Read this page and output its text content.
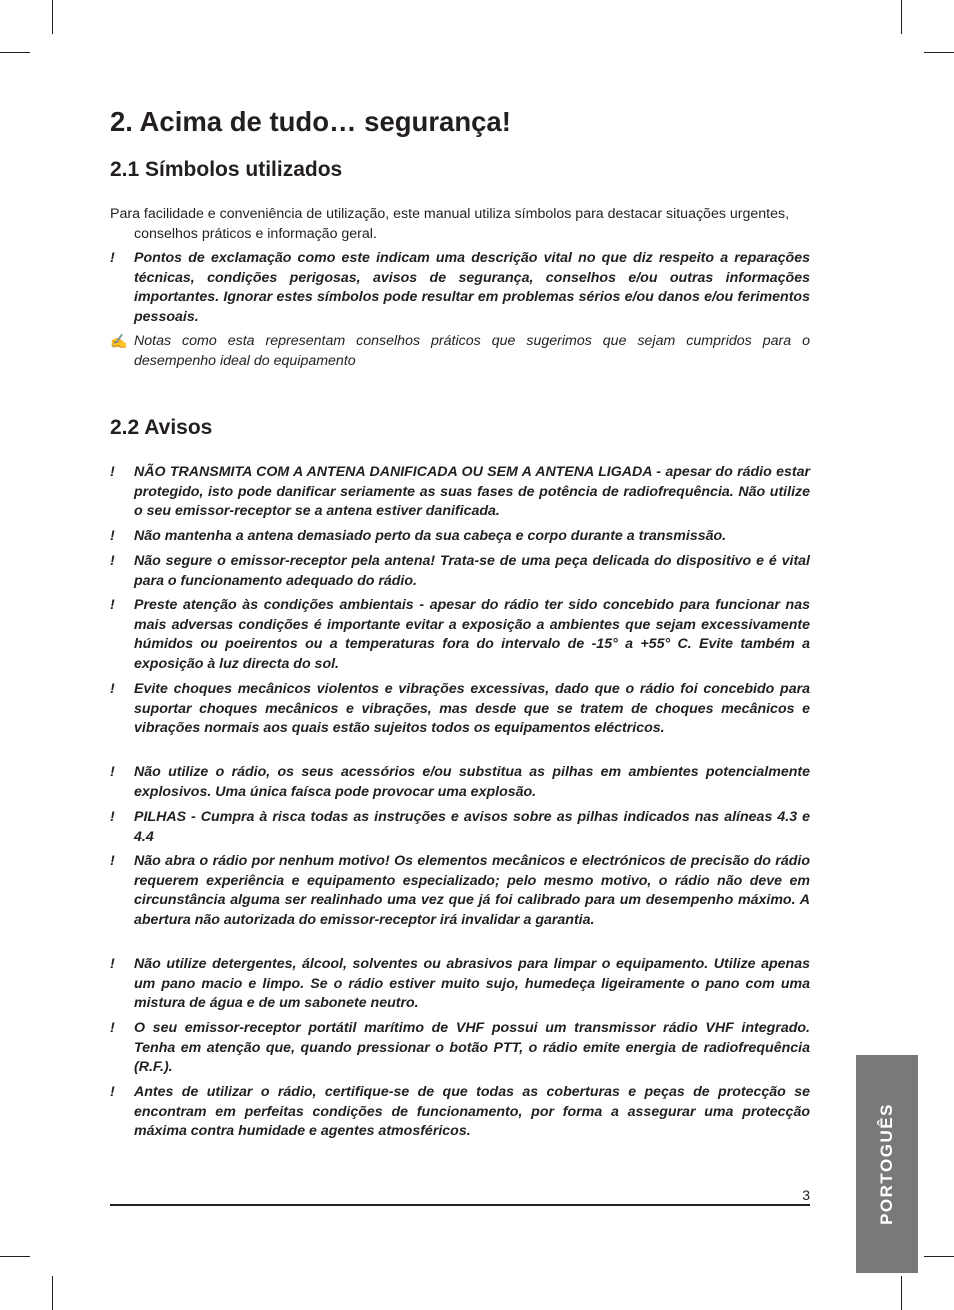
2. Acima de tudo… segurança!
2.1 Símbolos utilizados

Para facilidade e conveniência de utilização, este manual utiliza símbolos para destacar situações urgentes, conselhos práticos e informação geral.

!	Pontos de exclamação como este indicam uma descrição vital no que diz respeito a reparações técnicas, condições perigosas, avisos de segurança, conselhos e/ou outras informações importantes. Ignorar estes símbolos pode resultar em problemas sérios e/ou danos e/ou ferimentos pessoais.
✍ Notas como esta representam conselhos práticos que sugerimos que sejam cumpridos para o desempenho ideal do equipamento
2.2 Avisos
!	NÃO TRANSMITA COM A ANTENA DANIFICADA OU SEM A ANTENA LIGADA - apesar do rádio estar protegido, isto pode danificar seriamente as suas fases de potência de radiofrequência. Não utilize o seu emissor-receptor se a antena estiver danificada.
!	Não mantenha a antena demasiado perto da sua cabeça e corpo durante a transmissão.
!	Não segure o emissor-receptor pela antena! Trata-se de uma peça delicada do dispositivo e é vital para o funcionamento adequado do rádio.
!	Preste atenção às condições ambientais - apesar do rádio ter sido concebido para funcionar nas mais adversas condições é importante evitar a exposição a ambientes que sejam excessivamente húmidos ou poeirentos ou a temperaturas fora do intervalo de -15° a +55° C. Evite também a exposição à luz directa do sol.
!	Evite choques mecânicos violentos e vibrações excessivas, dado que o rádio foi concebido para suportar choques mecânicos e vibrações, mas desde que se tratem de choques mecânicos e vibrações normais aos quais estão sujeitos todos os equipamentos eléctricos.
!	Não utilize o rádio, os seus acessórios e/ou substitua as pilhas em ambientes potencialmente explosivos. Uma única faísca pode provocar uma explosão.
!	PILHAS - Cumpra à risca todas as instruções e avisos sobre as pilhas indicados nas alíneas 4.3 e 4.4
!	Não abra o rádio por nenhum motivo! Os elementos mecânicos e electrónicos de precisão do rádio requerem experiência e equipamento especializado; pelo mesmo motivo, o rádio não deve em circunstância alguma ser realinhado uma vez que já foi calibrado para um desempenho máximo. A abertura não autorizada do emissor-receptor irá invalidar a garantia.
!	Não utilize detergentes, álcool, solventes ou abrasivos para limpar o equipamento. Utilize apenas um pano macio e limpo. Se o rádio estiver muito sujo, humedeça ligeiramente o pano com uma mistura de água e de um sabonete neutro.
!	O seu emissor-receptor portátil marítimo de VHF possui um transmissor rádio VHF integrado. Tenha em atenção que, quando pressionar o botão PTT, o rádio emite energia de radiofrequência (R.F.).
!	Antes de utilizar o rádio, certifique-se de que todas as coberturas e peças de protecção se encontram em perfeitas condições de funcionamento, por forma a assegurar uma protecção máxima contra humidade e agentes atmosféricos.
3	PORTOGUÊS
